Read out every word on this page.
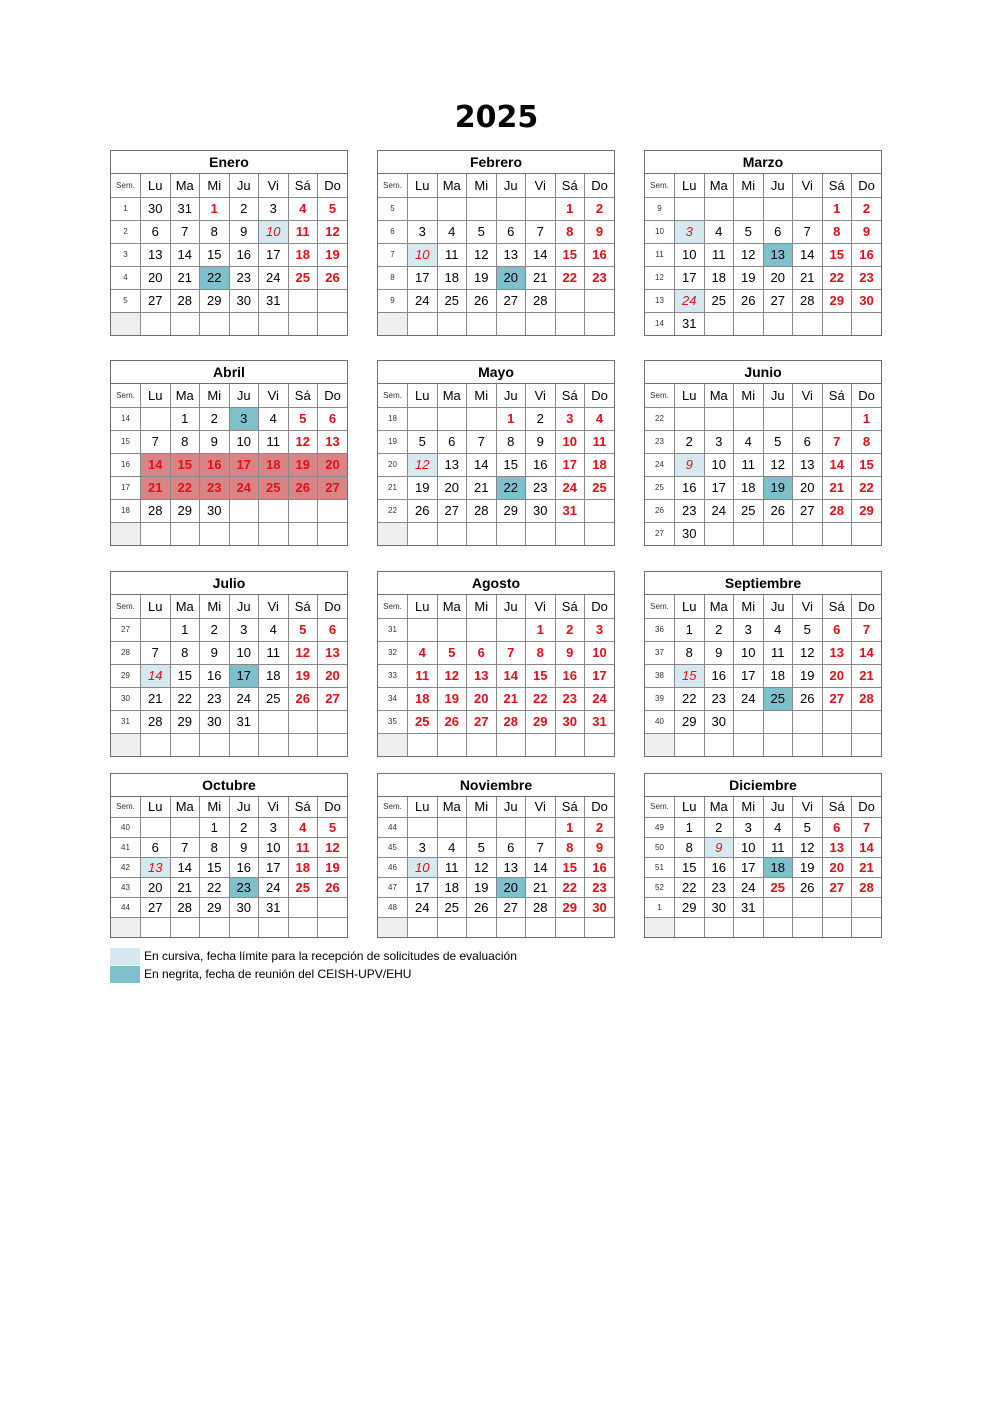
2025
Enero
Sem.	Lu	Ma	Mi	Ju	Vi	Sá	Do
1	30	31	1	2	3	4	5
2	6	7	8	9	10	11	12
3	13	14	15	16	17	18	19
4	20	21	22	23	24	25	26
5	27	28	29	30	31		

Febrero
Sem.	Lu	Ma	Mi	Ju	Vi	Sá	Do
5						1	2
6	3	4	5	6	7	8	9
7	10	11	12	13	14	15	16
8	17	18	19	20	21	22	23
9	24	25	26	27	28		

Marzo
Sem.	Lu	Ma	Mi	Ju	Vi	Sá	Do
9						1	2
10	3	4	5	6	7	8	9
11	10	11	12	13	14	15	16
12	17	18	19	20	21	22	23
13	24	25	26	27	28	29	30
14	31						
Abril
Sem.	Lu	Ma	Mi	Ju	Vi	Sá	Do
14		1	2	3	4	5	6
15	7	8	9	10	11	12	13
16	14	15	16	17	18	19	20
17	21	22	23	24	25	26	27
18	28	29	30				

Mayo
Sem.	Lu	Ma	Mi	Ju	Vi	Sá	Do
18				1	2	3	4
19	5	6	7	8	9	10	11
20	12	13	14	15	16	17	18
21	19	20	21	22	23	24	25
22	26	27	28	29	30	31	

Junio
Sem.	Lu	Ma	Mi	Ju	Vi	Sá	Do
22							1
23	2	3	4	5	6	7	8
24	9	10	11	12	13	14	15
25	16	17	18	19	20	21	22
26	23	24	25	26	27	28	29
27	30						
Julio
Sem.	Lu	Ma	Mi	Ju	Vi	Sá	Do
27		1	2	3	4	5	6
28	7	8	9	10	11	12	13
29	14	15	16	17	18	19	20
30	21	22	23	24	25	26	27
31	28	29	30	31			

Agosto
Sem.	Lu	Ma	Mi	Ju	Vi	Sá	Do
31					1	2	3
32	4	5	6	7	8	9	10
33	11	12	13	14	15	16	17
34	18	19	20	21	22	23	24
35	25	26	27	28	29	30	31

Septiembre
Sem.	Lu	Ma	Mi	Ju	Vi	Sá	Do
36	1	2	3	4	5	6	7
37	8	9	10	11	12	13	14
38	15	16	17	18	19	20	21
39	22	23	24	25	26	27	28
40	29	30					

Octubre
Sem.	Lu	Ma	Mi	Ju	Vi	Sá	Do
40			1	2	3	4	5
41	6	7	8	9	10	11	12
42	13	14	15	16	17	18	19
43	20	21	22	23	24	25	26
44	27	28	29	30	31		

Noviembre
Sem.	Lu	Ma	Mi	Ju	Vi	Sá	Do
44						1	2
45	3	4	5	6	7	8	9
46	10	11	12	13	14	15	16
47	17	18	19	20	21	22	23
48	24	25	26	27	28	29	30

Diciembre
Sem.	Lu	Ma	Mi	Ju	Vi	Sá	Do
49	1	2	3	4	5	6	7
50	8	9	10	11	12	13	14
51	15	16	17	18	19	20	21
52	22	23	24	25	26	27	28
1	29	30	31				

En cursiva, fecha límite para la recepción de solicitudes de evaluación
En negrita, fecha de reunión del CEISH-UPV/EHU
